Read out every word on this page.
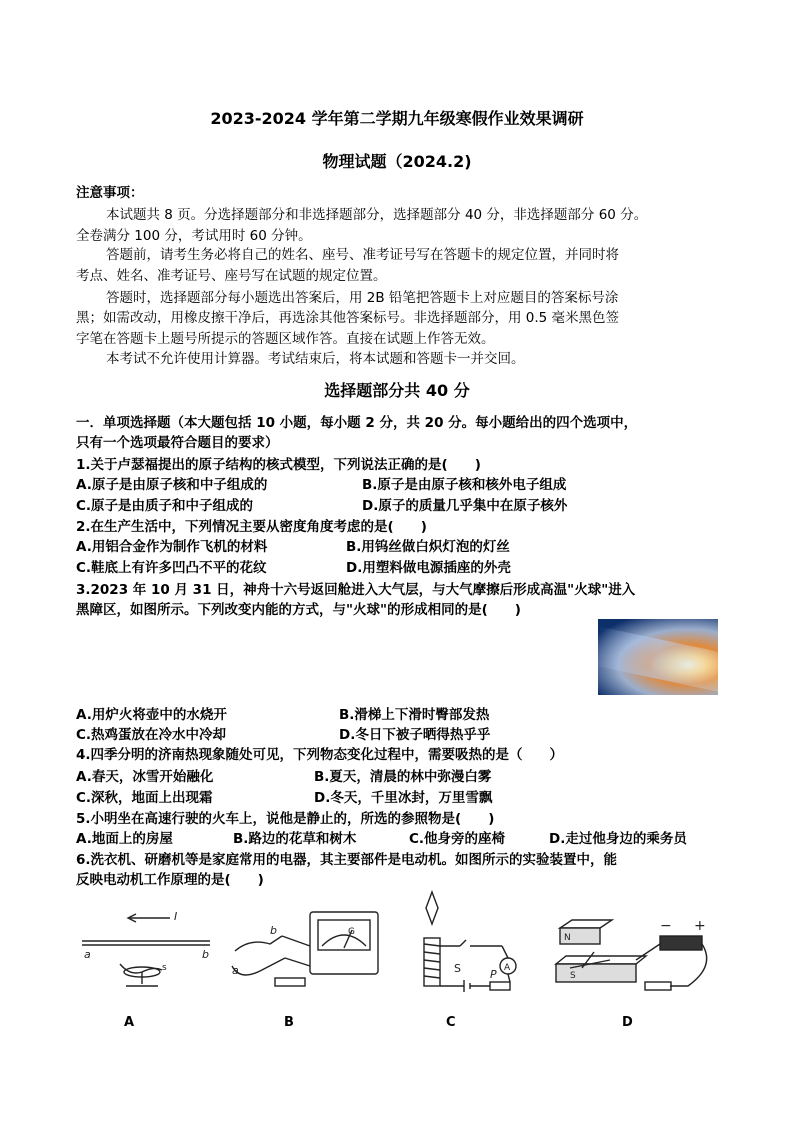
2023-2024 学年第二学期九年级寒假作业效果调研
物理试题（2024.2)
注意事项：
本试题共 8 页。分选择题部分和非选择题部分，选择题部分 40 分，非选择题部分 60 分。
全卷满分 100 分，考试用时 60 分钟。
答题前，请考生务必将自己的姓名、座号、准考证号写在答题卡的规定位置，并同时将
考点、姓名、准考证号、座号写在试题的规定位置。
答题时，选择题部分每小题选出答案后，用 2B 铅笔把答题卡上对应题目的答案标号涂
黑；如需改动，用橡皮擦干净后，再选涂其他答案标号。非选择题部分，用 0.5 毫米黑色签
字笔在答题卡上题号所提示的答题区域作答。直接在试题上作答无效。
本考试不允许使用计算器。考试结束后，将本试题和答题卡一并交回。
选择题部分共 40 分
一．单项选择题（本大题包括 10 小题，每小题 2 分，共 20 分。每小题给出的四个选项中，
只有一个选项最符合题目的要求）
1.关于卢瑟福提出的原子结构的核式模型，下列说法正确的是(　　)
A.原子是由原子核和中子组成的	B.原子是由原子核和核外电子组成
C.原子是由质子和中子组成的	D.原子的质量几乎集中在原子核外
2.在生产生活中，下列情况主要从密度角度考虑的是(　　)
A.用铝合金作为制作飞机的材料	B.用钨丝做白炽灯泡的灯丝
C.鞋底上有许多凹凸不平的花纹	D.用塑料做电源插座的外壳
3.2023 年 10 月 31 日，神舟十六号返回舱进入大气层，与大气摩擦后形成高温"火球"进入
黑障区，如图所示。下列改变内能的方式，与"火球"的形成相同的是(　　)
A.用炉火将壶中的水烧开	B.滑梯上下滑时臀部发热
C.热鸡蛋放在冷水中冷却	D.冬日下被子晒得热乎乎
4.四季分明的济南热现象随处可见，下列物态变化过程中，需要吸热的是（　　）
A.春天，冰雪开始融化	B.夏天，清晨的林中弥漫白雾
C.深秋，地面上出现霜	D.冬天，千里冰封，万里雪飘
5.小明坐在高速行驶的火车上，说他是静止的，所选的参照物是(　　)
A.地面上的房屋	B.路边的花草和树木	C.他身旁的座椅	D.走过他身边的乘务员
6.洗衣机、研磨机等是家庭常用的电器，其主要部件是电动机。如图所示的实验装置中，能
反映电动机工作原理的是(　　)
I
a	b
s
b
a
G
S	P A
N
S
− +
A	B	C	D
